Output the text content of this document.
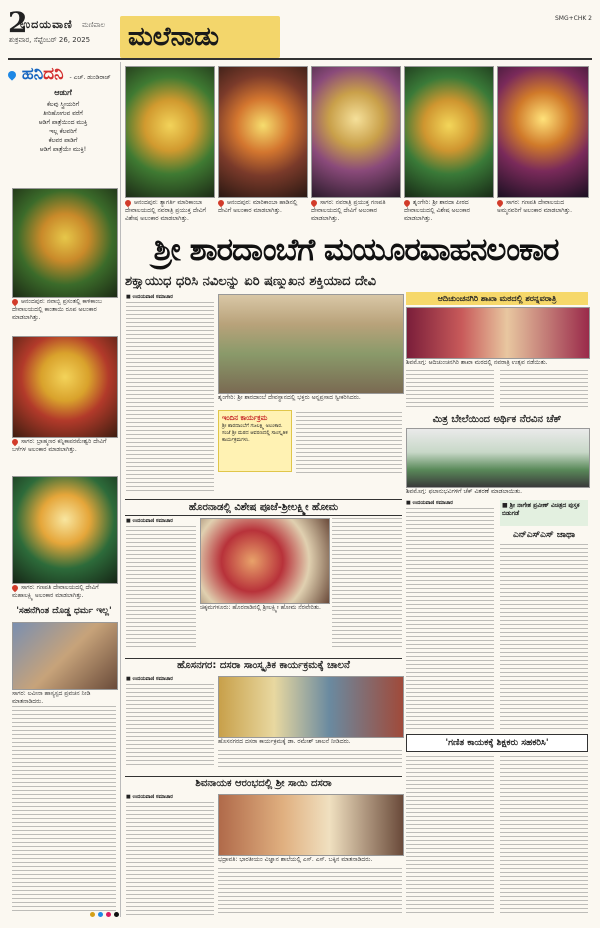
2
ಉದಯವಾಣಿ ಮಣಿಪಾಲ
ಶುಕ್ರವಾರ, ಸೆಪ್ಟೆಂಬರ್ 26, 2025 ಮಲೆನಾಡು
SMG+CHK 2
ಹನಿದನಿ - ಎಚ್. ಡುಂಡಿರಾಜ್
ಆಡುಗೆ
ಕೆಲವು ಸ್ತ್ರೀಯರಿಗೆ
ತೀರಿಹೋಗುವ ವರೆಗೆ
ಆಡಿಗೆ ಪಾತ್ರೆಯಿಂದ ಮುಕ್ತಿ
ಇಲ್ಲ ಕೆಲವರಿಗೆ
ಕೆಲವರ ಪಾಡಿಗೆ
ಆಡಿಗೆ ಪಾತ್ರೆಯೇ ಮುಕ್ತಿ!
ಆನಂದಪುರ: ನವಾಬ್ಬಿ ಪ್ರಸಂತಲ್ಲಿ ಕಾಳಿಕಾಂಬ ದೇವಾಲಯದಲ್ಲಿ ಕಾಂತಾಯಿ ರೂಪ ಅಲಂಕಾರ ಮಾಡಲಾಗಿತ್ತು.
ಸಾಗರ: ಬ್ರಾಹ್ಮಣರ ಕನ್ನಿಕಾಪರಮೇಶ್ವರಿ ದೇವಿಗೆ ಬಳೆಗಳ ಅಲಂಕಾರ ಮಾಡಲಾಗಿತ್ತು.
ಸಾಗರ: ಗಣಪತಿ ದೇವಾಲಯದಲ್ಲಿ ದೇವಿಗೆ ಮಹಾಲಕ್ಷ್ಮಿ ಅಲಂಕಾರ ಮಾಡಲಾಗಿತ್ತು.
'ಸಹನೆಗಿಂತ ದೊಡ್ಡ ಧರ್ಮ ಇಲ್ಲ'
ಸಾಗರ: ಲವೀನಾ ಹಾಸ್ಯಸ್ಪದ ಪ್ರವಚನ ನೀಡಿ ಮಾತನಾಡಿದರು.
ಆನಂದಪುರ: ತ್ಯಾಗರ್ತಿ ಮಾರಿಕಾಂಬಾ ದೇವಾಲಯದಲ್ಲಿ ನವರಾತ್ರಿ ಪ್ರಯುಕ್ತ ದೇವಿಗೆ ವಿಶೇಷ ಅಲಂಕಾರ ಮಾಡಲಾಗಿತ್ತು.
ಆನಂದಪುರ: ಮಾರಿಕಾಂಬಾ ಹಾಡಿನಲ್ಲಿ ದೇವಿಗೆ ಅಲಂಕಾರ ಮಾಡಲಾಗಿತ್ತು.
ಸಾಗರ: ನವರಾತ್ರಿ ಪ್ರಯುಕ್ತ ಗಣಪತಿ ದೇವಾಲಯದಲ್ಲಿ ದೇವಿಗೆ ಅಲಂಕಾರ ಮಾಡಲಾಗಿತ್ತು.
ಶೃಂಗೇರಿ: ಶ್ರೀ ಶಾರದಾ ಪೀಠದ ದೇವಾಲಯದಲ್ಲಿ ವಿಶೇಷ ಅಲಂಕಾರ ಮಾಡಲಾಗಿತ್ತು.
ಸಾಗರ: ಗಣಪತಿ ದೇವಾಲಯದ ಅಮ್ಮನವರಿಗೆ ಅಲಂಕಾರ ಮಾಡಲಾಗಿತ್ತು.
ಶ್ರೀ ಶಾರದಾಂಬೆಗೆ ಮಯೂರವಾಹನಲಂಕಾರ
ಶಕ್ತ್ಯಾಯುಧ ಧರಿಸಿ ನವಿಲನ್ನು ಏರಿ ಷಣ್ಮುಖನ ಶಕ್ತಿಯಾದ ದೇವಿ
■ ಉದಯವಾಣಿ ಸಮಾಚಾರ
ಶೃಂಗೇರಿ: ಶ್ರೀ ಶಾರದಾಂಬೆ ದೇವಸ್ಥಾನದಲ್ಲಿ ಭಕ್ತರು ಅನ್ನಪ್ರಸಾದ ಸ್ವೀಕರಿಸಿದರು.
ಇಂದಿನ ಕಾರ್ಯಕ್ರಮ
ಶ್ರೀ ಶಾರದಾಂಬೆಗೆ ಗಜಲಕ್ಷ್ಮಿ ಅಲಂಕಾರ. ಸಂಜೆ ಶ್ರೀ ಮಠದ ಆವರಣದಲ್ಲಿ ಸಾಂಸ್ಕೃತಿಕ ಕಾರ್ಯಕ್ರಮಗಳು.
ಆದಿಚುಂಚನಗಿರಿ ಶಾಖಾ ಮಠದಲ್ಲಿ ಶರನ್ನವರಾತ್ರಿ
ಶಿವಮೊಗ್ಗ: ಆದಿಚುಂಚನಗಿರಿ ಶಾಖಾ ಮಠದಲ್ಲಿ ನವರಾತ್ರಿ ಉತ್ಸವ ನಡೆಯಿತು.
ಮಿತ್ರ ಬೇಲೆಯಿಂದ ಅರ್ಥಿಕ ನೆರವಿನ ಚೆಕ್
ಶಿವಮೊಗ್ಗ: ಫಲಾನುಭವಿಗಳಿಗೆ ಚೆಕ್ ವಿತರಣೆ ಮಾಡಲಾಯಿತು.
ಹೊರನಾಡಲ್ಲಿ ವಿಶೇಷ ಪೂಜೆ-ಶ್ರೀಲಕ್ಷ್ಮೀ ಹೋಮ
■ ಉದಯವಾಣಿ ಸಮಾಚಾರ
ಚಿಕ್ಕಮಗಳೂರು: ಹೊರನಾಡಿನಲ್ಲಿ ಶ್ರೀಲಕ್ಷ್ಮೀ ಹೋಮ ನೆರವೇರಿತು.
ಹೊಸನಗರ: ದಸರಾ ಸಾಂಸ್ಕೃತಿಕ ಕಾರ್ಯಕ್ರಮಕ್ಕೆ ಚಾಲನೆ
■ ಉದಯವಾಣಿ ಸಮಾಚಾರ
ಹೊಸನಗರದ ದಸರಾ ಕಾರ್ಯಕ್ರಮಕ್ಕೆ ಡಾ. ರಮೇಶ್ ಚಾಲನೆ ನೀಡಿದರು.	'ಗಣಿತ ಕಾಯಕಕ್ಕೆ ಶಿಕ್ಷಕರು ಸಹಕರಿಸಿ'
ಶಿವನಾಯಕ ಆರಂಭದಲ್ಲಿ ಶ್ರೀ ಸಾಯಿ ದಸರಾ
■ ಉದಯವಾಣಿ ಸಮಾಚಾರ
ಭದ್ರಾವತಿ: ಭಾರತೀಯಂ ವಿಜ್ಞಾನ ಶಾಲೆಯಲ್ಲಿ ಎಸ್. ಎಸ್. ಬಕ್ಕಿನ ಮಾತನಾಡಿದರು.
■ ಉದಯವಾಣಿ ಸಮಾಚಾರ	■ ಶ್ರೀ ನಾಗೇಶ ಪ್ರವೀಣ್ ವಿಚಿತ್ರದ ಪುಸ್ತಕ ಬಿಡುಗಡೆ
ಎನ್ಎಸ್ಎಸ್ ಜಾಥಾ
